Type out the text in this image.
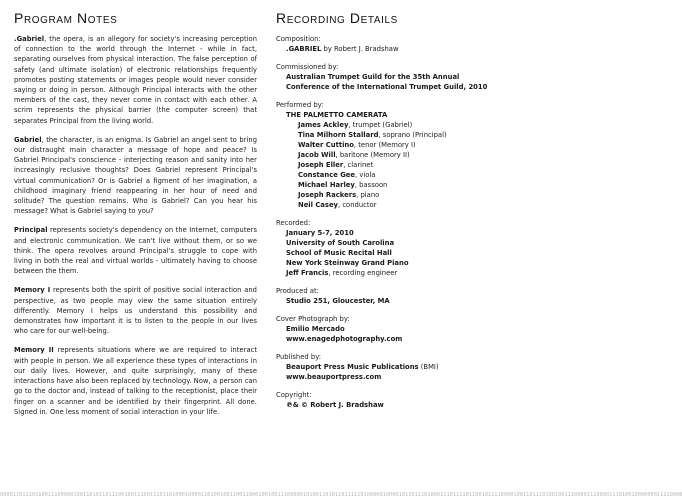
Program Notes

.Gabriel, the opera, is an allegory for society's increasing perception of connection to the world through the Internet - while in fact, separating ourselves from physical interaction. The false perception of safety (and ultimate isolation) of electronic relationships frequently promotes posting statements or images people would never consider saying or doing in person. Although Principal interacts with the other members of the cast, they never come in contact with each other. A scrim represents the physical barrier (the computer screen) that separates Principal from the living world.

Gabriel, the character, is an enigma. Is Gabriel an angel sent to bring our distraught main character a message of hope and peace? Is Gabriel Principal's conscience - interjecting reason and sanity into her increasingly reclusive thoughts? Does Gabriel represent Principal's virtual communication? Or is Gabriel a figment of her imagination, a childhood imaginary friend reappearing in her hour of need and solitude? The question remains. Who is Gabriel? Can you hear his message? What is Gabriel saying to you?

Principal represents society's dependency on the Internet, computers and electronic communication. We can't live without them, or so we think. The opera revolves around Principal's struggle to cope with living in both the real and virtual worlds - ultimately having to choose between the them.

Memory I represents both the spirit of positive social interaction and perspective, as two people may view the same situation entirely differently. Memory I helps us understand this possibility and demonstrates how important it is to listen to the people in our lives who care for our well-being.

Memory II represents situations where we are required to interact with people in person. We all experience these types of interactions in our daily lives. However, and quite surprisingly, many of these interactions have also been replaced by technology. Now, a person can go to the doctor and, instead of talking to the receptionist, place their finger on a scanner and be identified by their fingerprint. All done. Signed in. One less moment of social interaction in your life.

Recording Details
Composition:
.GABRIEL by Robert J. Bradshaw
Commissioned by:
Australian Trumpet Guild for the 35th Annual Conference of the International Trumpet Guild, 2010
Performed by:
THE PALMETTO CAMERATA
James Ackley, trumpet (Gabriel)
Tina Milhorn Stallard, soprano (Principal)
Walter Cuttino, tenor (Memory I)
Jacob Will, baritone (Memory II)
Joseph Eller, clarinet
Constance Gee, viola
Michael Harley, bassoon
Joseph Rackers, piano
Neil Casey, conductor
Recorded:
January 5-7, 2010
University of South Carolina
School of Music Recital Hall
New York Steinway Grand Piano
Jeff Francis, recording engineer
Produced at:
Studio 251, Gloucester, MA
Cover Photograph by:
Emilio Mercado
www.enagedphotography.com
Published by:
Beauport Press Music Publications (BMI)
www.beauportpress.com
Copyright:
℗& © Robert J. Bradshaw
0000110111011001110000010011010110111001001110011101101000100001101001001100110001001001110000010100110101101111101000001000010110111010001110111101100101111000010011011101001001110000111000011101001000000011110000
